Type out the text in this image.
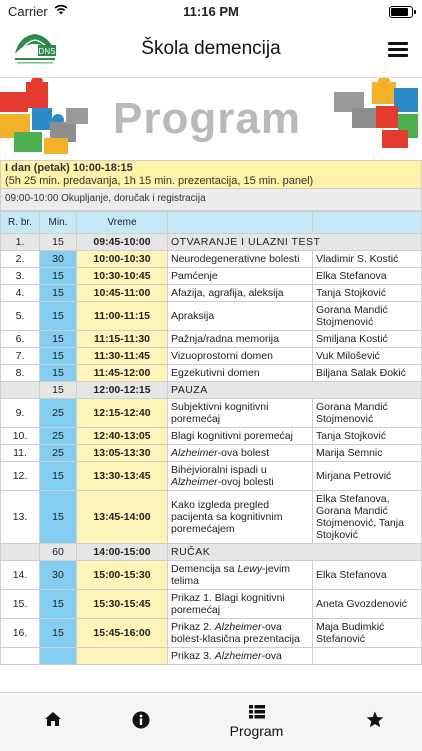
Carrier	11:16 PM
DNS	Škola demencija
Program
I dan (petak) 10:00-18:15
(5h 25 min. predavanja, 1h 15 min. prezentacija, 15 min. panel)
09:00-10:00 Okupljanje, doručak i registracija
R. br.	Min.	Vreme		
1.	15	09:45-10:00	OTVARANJE I ULAZNI TEST	
2.	30	10:00-10:30	Neurodegenerativne bolesti	Vladimir S. Kostić
3.	15	10:30-10:45	Pamćenje	Elka Stefanova
4.	15	10:45-11:00	Afazija, agrafija, aleksija	Tanja Stojković
5.	15	11:00-11:15	Apraksija	Gorana Mandić Stojmenović
6.	15	11:15-11:30	Pažnja/radna memorija	Smiljana Kostić
7.	15	11:30-11:45	Vizuoprostorni domen	Vuk Milošević
8.	15	11:45-12:00	Egzekutivni domen	Biljana Salak Đokić
	15	12:00-12:15	PAUZA	
9.	25	12:15-12:40	Subjektivni kognitivni poremećaj	Gorana Mandić Stojmenović
10.	25	12:40-13:05	Blagi kognitivni poremećaj	Tanja Stojković
11.	25	13:05-13:30	Alzheimer-ova bolest	Marija Semnic
12.	15	13:30-13:45	Bihejvioralni ispadi u Alzheimer-ovoj bolesti	Mirjana Petrović
13.	15	13:45-14:00	Kako izgleda pregled pacijenta sa kognitivnim poremećajem	Elka Stefanova, Gorana Mandić Stojmenović, Tanja Stojković
	60	14:00-15:00	RUČAK	
14.	30	15:00-15:30	Demencija sa Lewy-jevim telima	Elka Stefanova
15.	15	15:30-15:45	Prikaz 1. Blagi kognitivni poremećaj	Aneta Gvozdenović
16.	15	15:45-16:00	Prikaz 2. Alzheimer-ova bolest-klasična prezentacija	Maja Budimkić Stefanović
			Prikaz 3. Alzheimer-ova	
Program
